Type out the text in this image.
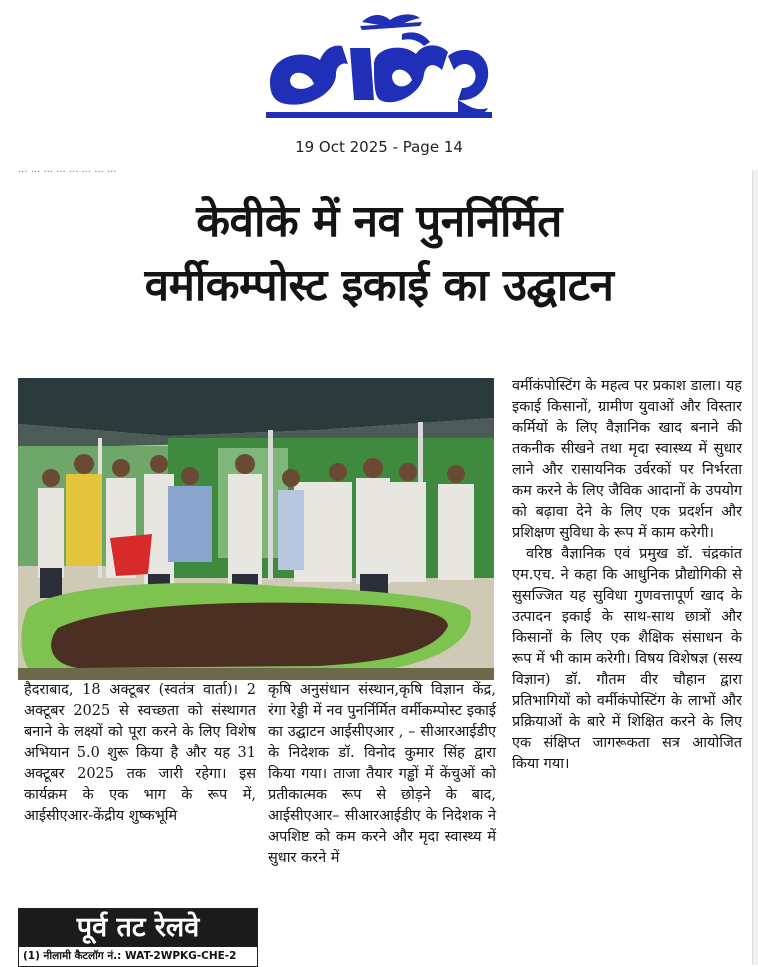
19 Oct 2025 - Page 14
... ... ... ... ... ... ... ...
केवीके में नव पुनर्निर्मित
वर्मीकम्पोस्ट इकाई का उद्घाटन

हैदराबाद, 18 अक्टूबर (स्वतंत्र वार्ता)। 2 अक्टूबर 2025 से स्वच्छता को संस्थागत बनाने के लक्ष्यों को पूरा करने के लिए विशेष अभियान 5.0 शुरू किया है और यह 31 अक्टूबर 2025 तक जारी रहेगा। इस कार्यक्रम के एक भाग के रूप में, आईसीएआर-केंद्रीय शुष्कभूमि

कृषि अनुसंधान संस्थान,कृषि विज्ञान केंद्र, रंगा रेड्डी में नव पुनर्निर्मित वर्मीकम्पोस्ट इकाई का उद्घाटन आईसीएआर , – सीआरआईडीए के निदेशक डॉ. विनोद कुमार सिंह द्वारा किया गया। ताजा तैयार गड्ढों में केंचुओं को प्रतीकात्मक रूप से छोड़ने के बाद, आईसीएआर– सीआरआईडीए के निदेशक ने अपशिष्ट को कम करने और मृदा स्वास्थ्य में सुधार करने में

वर्मीकंपोस्टिंग के महत्व पर प्रकाश डाला। यह इकाई किसानों, ग्रामीण युवाओं और विस्तार कर्मियों के लिए वैज्ञानिक खाद बनाने की तकनीक सीखने तथा मृदा स्वास्थ्य में सुधार लाने और रासायनिक उर्वरकों पर निर्भरता कम करने के लिए जैविक आदानों के उपयोग को बढ़ावा देने के लिए एक प्रदर्शन और प्रशिक्षण सुविधा के रूप में काम करेगी।

वरिष्ठ वैज्ञानिक एवं प्रमुख डॉ. चंद्रकांत एम.एच. ने कहा कि आधुनिक प्रौद्योगिकी से सुसज्जित यह सुविधा गुणवत्तापूर्ण खाद के उत्पादन इकाई के साथ-साथ छात्रों और किसानों के लिए एक शैक्षिक संसाधन के रूप में भी काम करेगी। विषय विशेषज्ञ (सस्य विज्ञान) डॉ. गौतम वीर चौहान द्वारा प्रतिभागियों को वर्मीकंपोस्टिंग के लाभों और प्रक्रियाओं के बारे में शिक्षित करने के लिए एक संक्षिप्त जागरूकता सत्र आयोजित किया गया।

पूर्व तट रेलवे
(1) नीलामी कैटलॉग नं.: WAT-2WPKG-CHE-2
